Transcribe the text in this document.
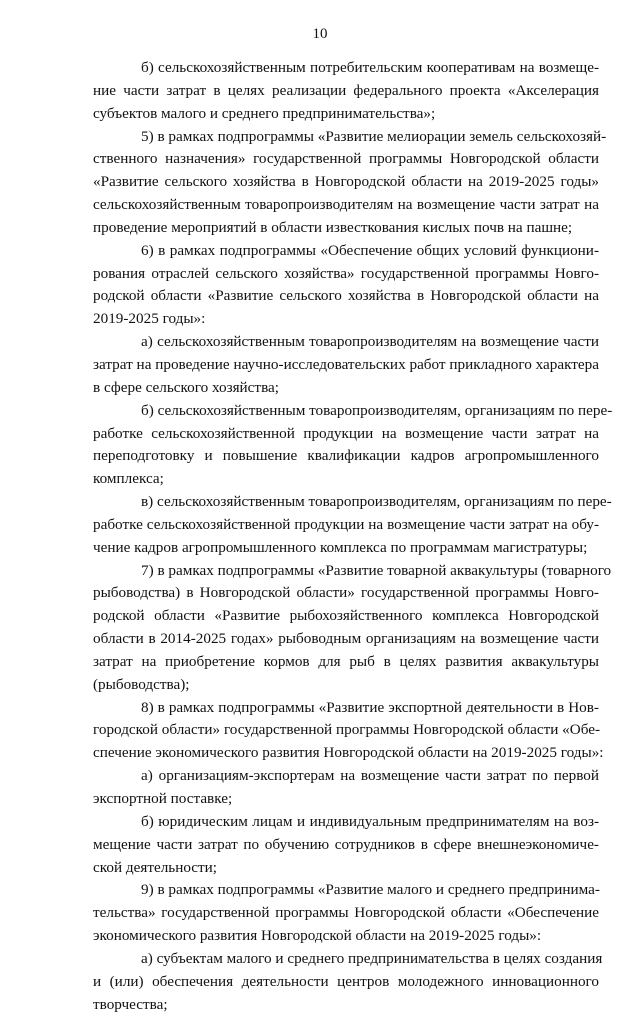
10
б) сельскохозяйственным потребительским кооперативам на возмеще-
ние части затрат в целях реализации федерального проекта «Акселерация
субъектов малого и среднего предпринимательства»;
5) в рамках подпрограммы «Развитие мелиорации земель сельскохозяй-
ственного назначения» государственной программы Новгородской области
«Развитие сельского хозяйства в Новгородской области на 2019-2025 годы»
сельскохозяйственным товаропроизводителям на возмещение части затрат на
проведение мероприятий в области известкования кислых почв на пашне;
6) в рамках подпрограммы «Обеспечение общих условий функциони-
рования отраслей сельского хозяйства» государственной программы Новго-
родской области «Развитие сельского хозяйства в Новгородской области на
2019-2025 годы»:
а) сельскохозяйственным товаропроизводителям на возмещение части
затрат на проведение научно-исследовательских работ прикладного характера
в сфере сельского хозяйства;
б) сельскохозяйственным товаропроизводителям, организациям по пере-
работке сельскохозяйственной продукции на возмещение части затрат на
переподготовку и повышение квалификации кадров агропромышленного
комплекса;
в) сельскохозяйственным товаропроизводителям, организациям по пере-
работке сельскохозяйственной продукции на возмещение части затрат на обу-
чение кадров агропромышленного комплекса по программам магистратуры;
7) в рамках подпрограммы «Развитие товарной аквакультуры (товарного
рыбоводства) в Новгородской области» государственной программы Новго-
родской области «Развитие рыбохозяйственного комплекса Новгородской
области в 2014-2025 годах» рыбоводным организациям на возмещение части
затрат на приобретение кормов для рыб в целях развития аквакультуры
(рыбоводства);
8) в рамках подпрограммы «Развитие экспортной деятельности в Нов-
городской области» государственной программы Новгородской области «Обе-
спечение экономического развития Новгородской области на 2019-2025 годы»:
а) организациям-экспортерам на возмещение части затрат по первой
экспортной поставке;
б) юридическим лицам и индивидуальным предпринимателям на воз-
мещение части затрат по обучению сотрудников в сфере внешнеэкономиче-
ской деятельности;
9) в рамках подпрограммы «Развитие малого и среднего предпринима-
тельства» государственной программы Новгородской области «Обеспечение
экономического развития Новгородской области на 2019-2025 годы»:
а) субъектам малого и среднего предпринимательства в целях создания
и (или) обеспечения деятельности центров молодежного инновационного
творчества;
